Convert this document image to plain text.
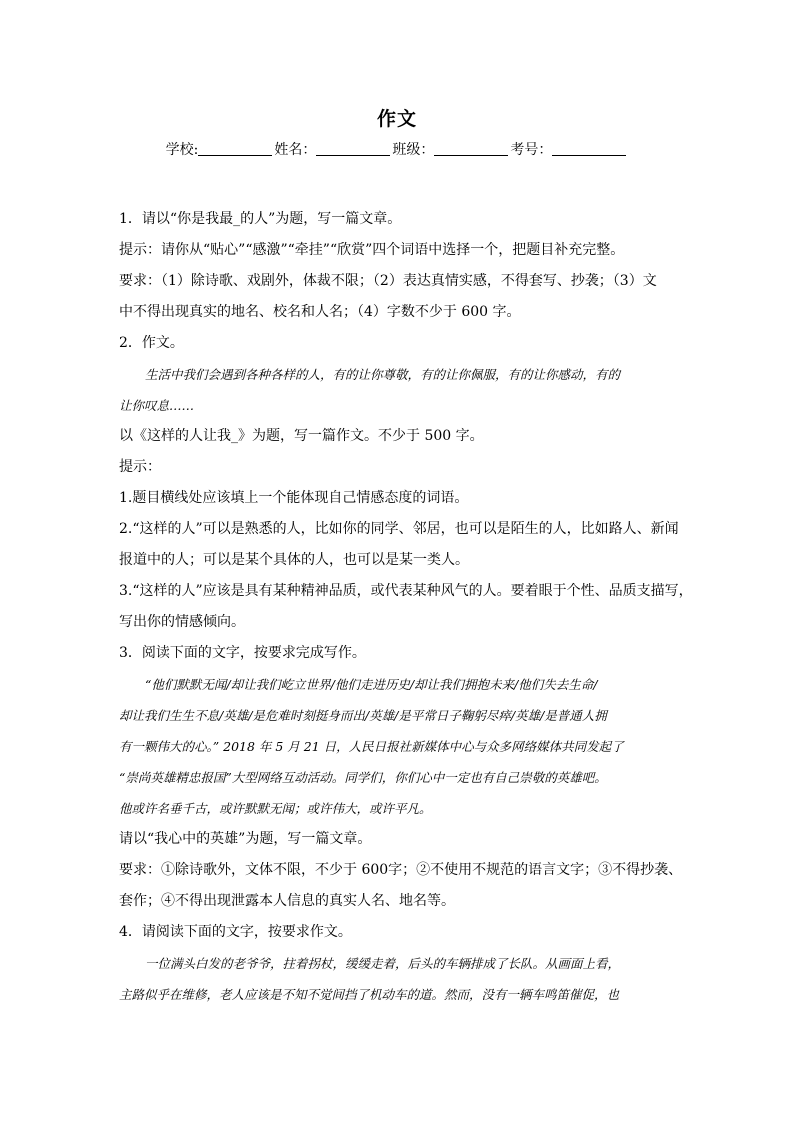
作文
学校:	姓名：	班级：	考号：
1．请以“你是我最_的人”为题，写一篇文章。
提示：请你从“贴心”“感激”“牵挂”“欣赏”四个词语中选择一个，把题目补充完整。
要求：（1）除诗歌、戏剧外，体裁不限；（2）表达真情实感，不得套写、抄袭；（3）文
中不得出现真实的地名、校名和人名；（4）字数不少于 600 字。
2．作文。
生活中我们会遇到各种各样的人，有的让你尊敬，有的让你佩服，有的让你感动，有的
让你叹息……
以《这样的人让我_》为题，写一篇作文。不少于 500 字。
提示：
1.题目横线处应该填上一个能体现自己情感态度的词语。
2.“这样的人”可以是熟悉的人，比如你的同学、邻居，也可以是陌生的人，比如路人、新闻
报道中的人；可以是某个具体的人，也可以是某一类人。
3.“这样的人”应该是具有某种精神品质，或代表某种风气的人。要着眼于个性、品质支描写，
写出你的情感倾向。
3．阅读下面的文字，按要求完成写作。
“他们默默无闻/却让我们屹立世界/他们走进历史/却让我们拥抱未来/他们失去生命/
却让我们生生不息/英雄/是危难时刻挺身而出/英雄/是平常日子鞠躬尽瘁/英雄/是普通人拥
有一颗伟大的心。” 2018 年 5 月 21 日，人民日报社新媒体中心与众多网络媒体共同发起了
“崇尚英雄精忠报国”大型网络互动活动。同学们，你们心中一定也有自己崇敬的英雄吧。
他或许名垂千古，或许默默无闻；或许伟大，或许平凡。
请以“我心中的英雄”为题，写一篇文章。
要求：①除诗歌外，文体不限，不少于 600字；②不使用不规范的语言文字；③不得抄袭、
套作；④不得出现泄露本人信息的真实人名、地名等。
4．请阅读下面的文字，按要求作文。
一位满头白发的老爷爷，拄着拐杖，缓缓走着，后头的车辆排成了长队。从画面上看，
主路似乎在维修，老人应该是不知不觉间挡了机动车的道。然而，没有一辆车鸣笛催促，也
